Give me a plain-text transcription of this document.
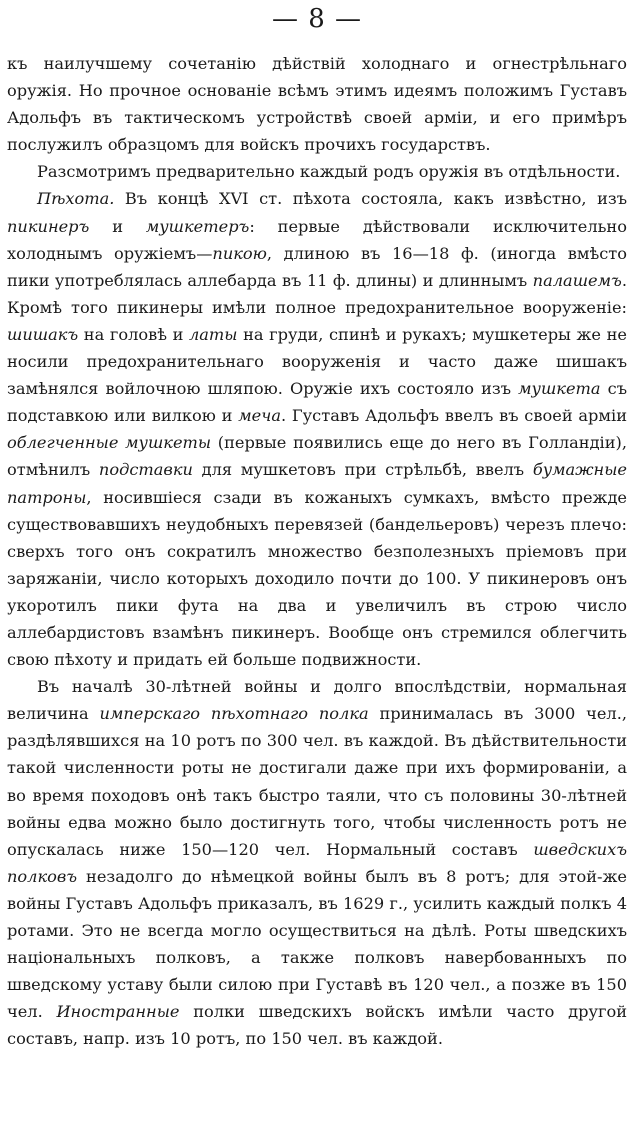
— 8 —

къ наилучшему сочетанію дѣйствій холоднаго и огнестрѣльнаго оружія. Но прочное основаніе всѣмъ этимъ идеямъ положимъ Густавъ Адольфъ въ тактическомъ устройствѣ своей арміи, и его примѣръ послужилъ образцомъ для войскъ прочихъ государствъ.

Разсмотримъ предварительно каждый родъ оружія въ отдѣльности.

Пѣхота. Въ концѣ XVI ст. пѣхота состояла, какъ извѣстно, изъ пикинеръ и мушкетеръ: первые дѣйствовали исключительно холоднымъ оружіемъ—пикою, длиною въ 16—18 ф. (иногда вмѣсто пики употреблялась аллебарда въ 11 ф. длины) и длиннымъ палашемъ. Кромѣ того пикинеры имѣли полное предохранительное вооруженіе: шишакъ на головѣ и латы на груди, спинѣ и рукахъ; мушкетеры же не носили предохранительнаго вооруженія и часто даже шишакъ замѣнялся войлочною шляпою. Оружіе ихъ состояло изъ мушкета съ подставкою или вилкою и меча. Густавъ Адольфъ ввелъ въ своей арміи облегченные мушкеты (первые появились еще до него въ Голландіи), отмѣнилъ подставки для мушкетовъ при стрѣльбѣ, ввелъ бумажные патроны, носившіеся сзади въ кожаныхъ сумкахъ, вмѣсто прежде существовавшихъ неудобныхъ перевязей (бандельеровъ) черезъ плечо: сверхъ того онъ сократилъ множество безполезныхъ пріемовъ при заряжаніи, число которыхъ доходило почти до 100. У пикинеровъ онъ укоротилъ пики фута на два и увеличилъ въ строю число аллебардистовъ взамѣнъ пикинеръ. Вообще онъ стремился облегчить свою пѣхоту и придать ей больше подвижности.

Въ началѣ 30-лѣтней войны и долго впослѣдствіи, нормальная величина имперскаго пѣхотнаго полка принималась въ 3000 чел., раздѣлявшихся на 10 ротъ по 300 чел. въ каждой. Въ дѣйствительности такой численности роты не достигали даже при ихъ формированіи, а во время походовъ онѣ такъ быстро таяли, что съ половины 30-лѣтней войны едва можно было достигнуть того, чтобы численность ротъ не опускалась ниже 150—120 чел. Нормальный составъ шведскихъ полковъ незадолго до нѣмецкой войны былъ въ 8 ротъ; для этой-же войны Густавъ Адольфъ приказалъ, въ 1629 г., усилить каждый полкъ 4 ротами. Это не всегда могло осуществиться на дѣлѣ. Роты шведскихъ національныхъ полковъ, а также полковъ навербованныхъ по шведскому уставу были силою при Густавѣ въ 120 чел., а позже въ 150 чел. Иностранные полки шведскихъ войскъ имѣли часто другой составъ, напр. изъ 10 ротъ, по 150 чел. въ каждой.
